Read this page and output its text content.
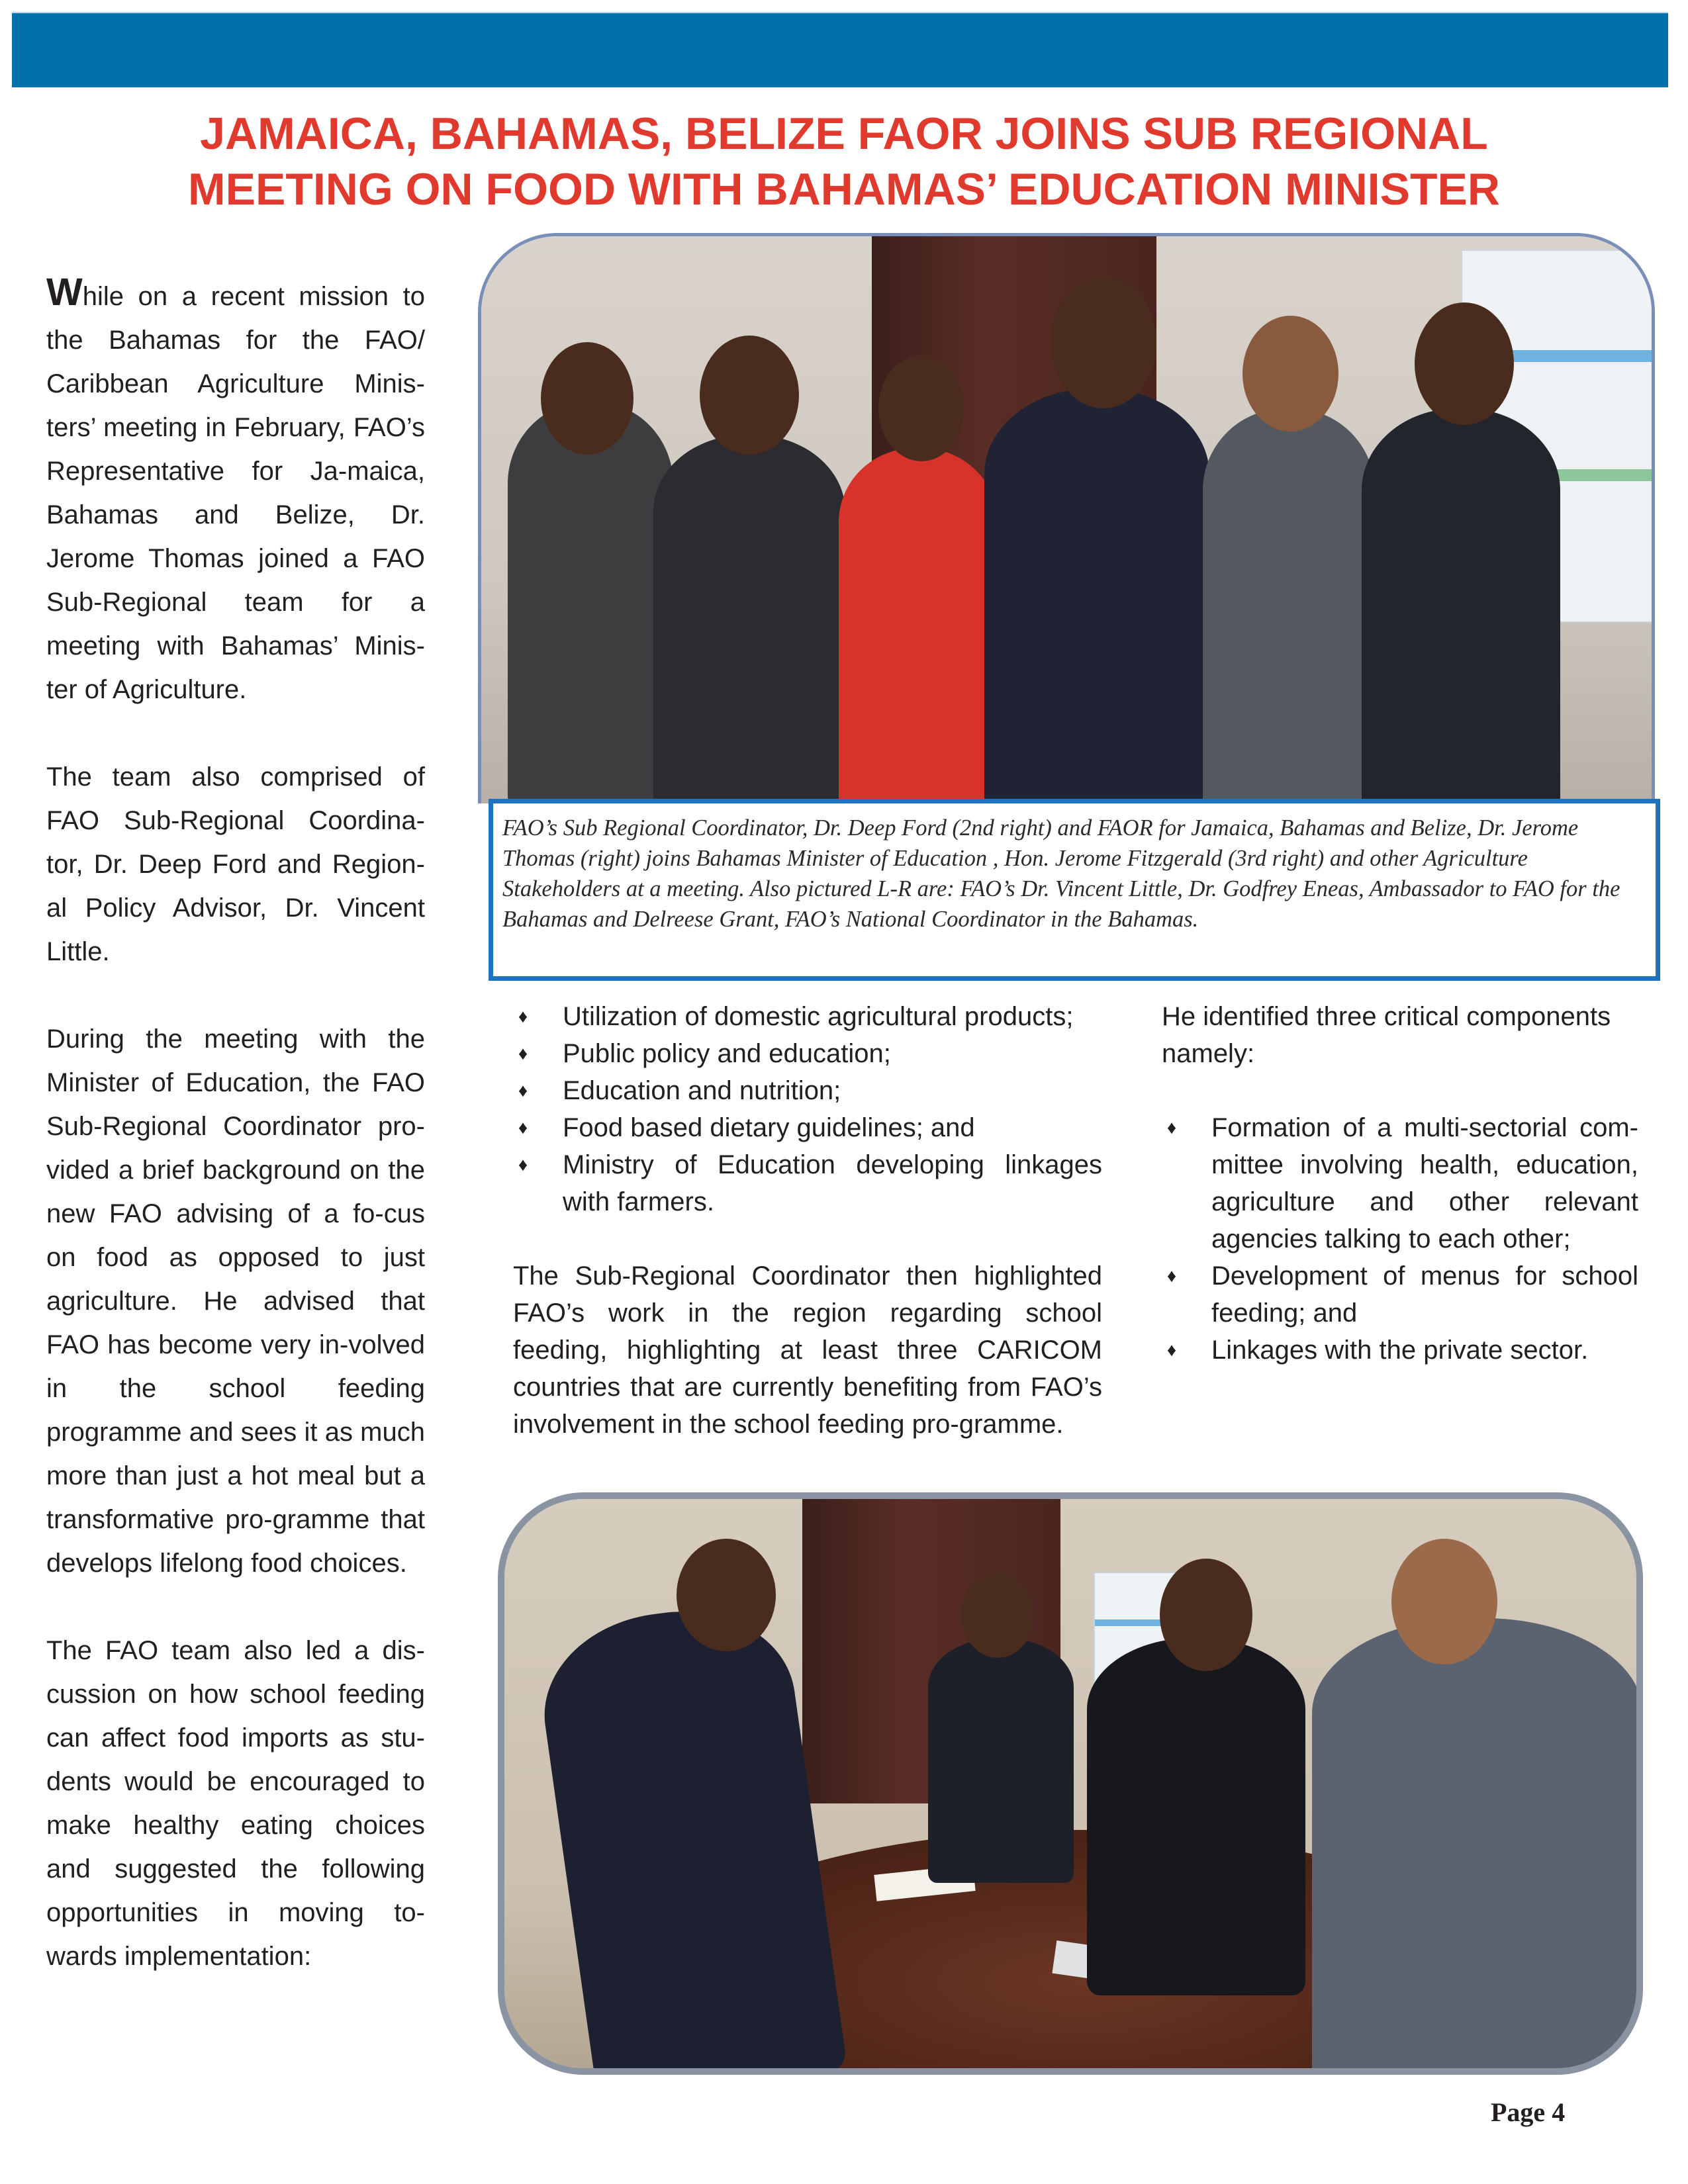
JAMAICA, BAHAMAS, BELIZE FAOR JOINS SUB REGIONAL
MEETING ON FOOD WITH BAHAMAS’ EDUCATION MINISTER

While on a recent mission to the Bahamas for the FAO/ Caribbean Agriculture Minis-ters’ meeting in February, FAO’s Representative for Ja-maica, Bahamas and Belize, Dr. Jerome Thomas joined a FAO Sub-Regional team for a meeting with Bahamas’ Minis-ter of Agriculture.

The team also comprised of FAO Sub-Regional Coordina-tor, Dr. Deep Ford and Region-al Policy Advisor, Dr. Vincent Little.

During the meeting with the Minister of Education, the FAO Sub-Regional Coordinator pro-vided a brief background on the new FAO advising of a fo-cus on food as opposed to just agriculture. He advised that FAO has become very in-volved in the school feeding programme and sees it as much more than just a hot meal but a transformative pro-gramme that develops lifelong food choices.

The FAO team also led a dis-cussion on how school feeding can affect food imports as stu-dents would be encouraged to make healthy eating choices and suggested the following opportunities in moving to-wards implementation:

FAO’s Sub Regional Coordinator, Dr. Deep Ford (2nd right) and FAOR for Jamaica, Bahamas and Belize, Dr. Jerome Thomas (right) joins Bahamas Minister of Education , Hon. Jerome Fitzgerald (3rd right) and other Agriculture Stakeholders at a meeting. Also pictured L-R are: FAO’s Dr. Vincent Little, Dr. Godfrey Eneas, Ambassador to FAO for the Bahamas and Delreese Grant, FAO’s National Coordinator in the Bahamas.
♦ Utilization of domestic agricultural products;
♦ Public policy and education;
♦ Education and nutrition;
♦ Food based dietary guidelines; and
♦ Ministry of Education developing linkages with farmers.

The Sub-Regional Coordinator then highlighted FAO’s work in the region regarding school feeding, highlighting at least three CARICOM countries that are currently benefiting from FAO’s involvement in the school feeding pro-gramme.

He identified three critical components namely:

♦ Formation of a multi-sectorial com-mittee involving health, education, agriculture and other relevant agencies talking to each other;
♦ Development of menus for school feeding; and
♦ Linkages with the private sector.
Page 4
